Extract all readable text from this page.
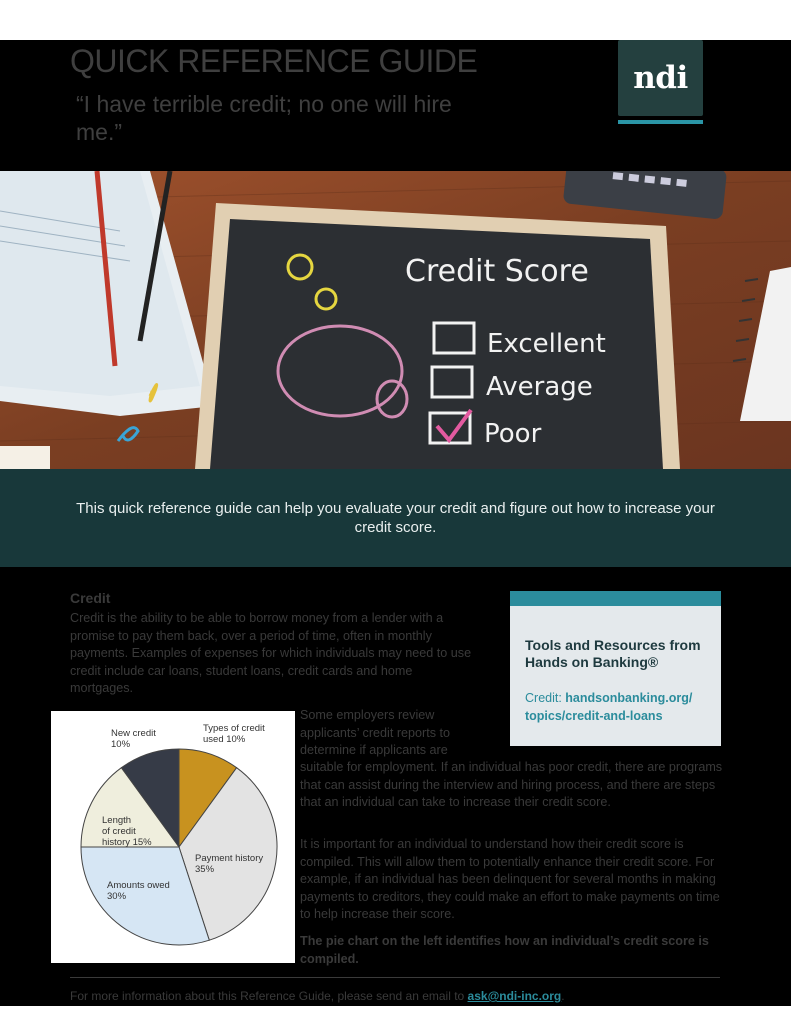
QUICK REFERENCE GUIDE
“I have terrible credit; no one will hire me.”
ndi
Credit Score
Excellent
Average
Poor
This quick reference guide can help you evaluate your credit and figure out how to increase your credit score.
Credit
Credit is the ability to be able to borrow money from a lender with a promise to pay them back, over a period of time, often in monthly payments. Examples of expenses for which individuals may need to use credit include car loans, student loans, credit cards and home mortgages.
Tools and Resources from Hands on Banking®
Credit: handsonbanking.org/ topics/credit-and-loans
Types of credit used 10%
New credit 10%
Length of credit history 15%
Payment history 35%
Amounts owed 30%
Some employers review applicants’ credit reports to determine if applicants are
suitable for employment. If an individual has poor credit, there are programs that can assist during the interview and hiring process, and there are steps that an individual can take to increase their credit score.
It is important for an individual to understand how their credit score is compiled. This will allow them to potentially enhance their credit score. For example, if an individual has been delinquent for several months in making payments to creditors, they could make an effort to make payments on time to help increase their score.
The pie chart on the left identifies how an individual’s credit score is compiled.
For more information about this Reference Guide, please send an email to ask@ndi-inc.org.
